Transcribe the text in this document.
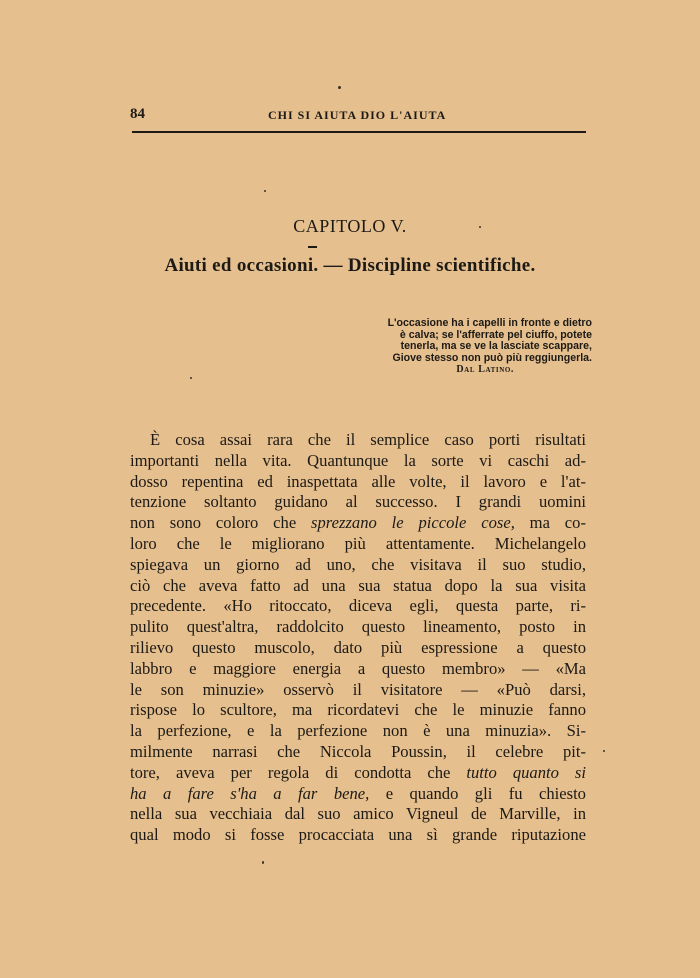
84	CHI SI AIUTA DIO L'AIUTA
CAPITOLO V.
Aiuti ed occasioni. — Discipline scientifiche.
L'occasione ha i capelli in fronte e dietro
è calva; se l'afferrate pel ciuffo, potete
tenerla, ma se ve la lasciate scappare,
Giove stesso non può più reggiungerla.
Dal Latino.
È cosa assai rara che il semplice caso porti risultati
importanti nella vita. Quantunque la sorte vi caschi ad-
dosso repentina ed inaspettata alle volte, il lavoro e l'at-
tenzione soltanto guidano al successo. I grandi uomini
non sono coloro che sprezzano le piccole cose, ma co-
loro che le migliorano più attentamente. Michelangelo
spiegava un giorno ad uno, che visitava il suo studio,
ciò che aveva fatto ad una sua statua dopo la sua visita
precedente. «Ho ritoccato, diceva egli, questa parte, ri-
pulito quest'altra, raddolcito questo lineamento, posto in
rilievo questo muscolo, dato più espressione a questo
labbro e maggiore energia a questo membro» — «Ma
le son minuzie» osservò il visitatore — «Può darsi,
rispose lo scultore, ma ricordatevi che le minuzie fanno
la perfezione, e la perfezione non è una minuzia». Si-
milmente narrasi che Niccola Poussin, il celebre pit-
tore, aveva per regola di condotta che tutto quanto si
ha a fare s'ha a far bene, e quando gli fu chiesto
nella sua vecchiaia dal suo amico Vigneul de Marville, in
qual modo si fosse procacciata una sì grande riputazione
